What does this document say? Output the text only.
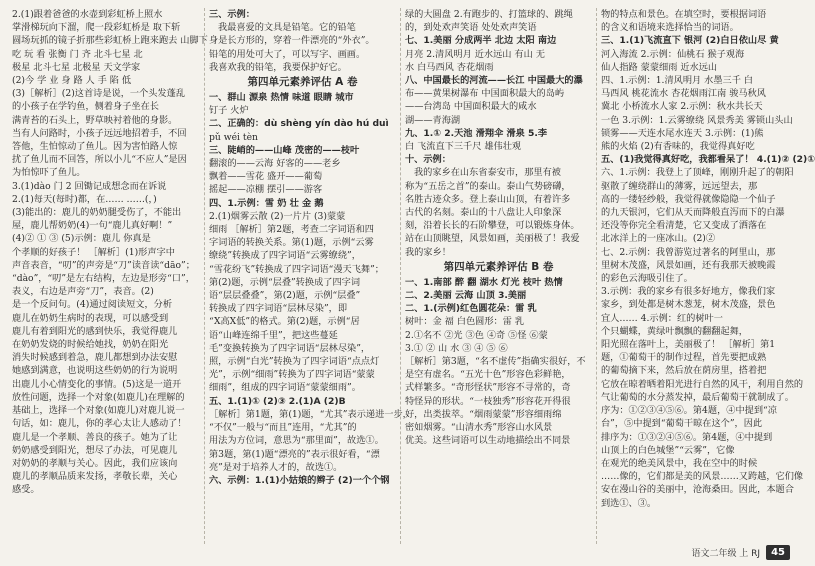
2.(1)跟着爸爸的水壶到彩虹桥上照水
掌滑梯玩向下溜，爬一段彩虹桥是 取下斩
圆场玩抓的镜子折那些彩虹桥上跑来跑去 山脚下
吃 玩 看 张衡 门 齐 北斗七星 北
极星 北斗七星 北极星 天文学家
(2)今 学 业 身 路 人 手 陷 低
(3)［解析］(2)这首诗是说，一个头发蓬乱
的小孩子在学钓鱼，侧着身子坐在长
满青苔的石头上，野草映衬着他的身影。
当有人问路时，小孩子远远地招着手，不回
答他，生怕惊动了鱼儿。因为害怕路人惊
扰了鱼儿而不回答，所以小儿“不应人”是因
为怕惊吓了鱼儿。
3.(1)dào 门 2 回锄记成想念而在诉说
2.(1)每天(每时)都，在…… ……(，)
(3)能出的：鹿儿的奶奶腿受伤了，不能出
屋，鹿儿帮奶奶(4)一句“鹿儿真好啊！”
(4)② ① ③ (5)示例：鹿儿 你真是
个孝顺的好孩子！ ［解析］(1)形声字中
声音表音，“叨”的声旁是“刀”读音读“dāo”；
“dào”，“叨”是左右结构，左边是形旁“口”，
表义，右边是声旁“刀”，表音。(2)
是一个反问句。(4)通过阅读短文，分析
鹿儿在奶奶生病时的表现，可以感受到
鹿儿有着到阳光的感到快乐，我觉得鹿儿
在奶奶发烧的时候给她找，奶奶在阳光
消失时候感到着急，鹿儿都想到办法安慰
她感到满意，也说明这些奶奶的行为说明
出鹿儿小心情变化的事情。(5)这是一道开
放性问题，选择一个对象(如鹿儿)在理解的
基础上，选择一个对象(如鹿儿)对鹿儿说一
句话，如：鹿儿，你的孝心太让人感动了！
鹿儿是一个孝顺、善良的孩子。她为了让
奶奶感受到阳光，想尽了办法，可见鹿儿
对奶奶的孝顺与关心。因此，我们应该向
鹿儿的孝顺品质来发扬，孝敬长辈，关心
感受。
三、示例：
我最喜爱的文具是铅笔。它的铅笔
身是长方形的，穿着一件漂亮的“外衣”。
铅笔的用处可大了，可以写字、画画。
我喜欢我的铅笔，我要保护好它。
第四单元素养评估 A 卷
一、群山 源泉 热情 味道 眼睛 城市
钉子 火炉
二、正确的：dù shèng yín dào hú duì
pǔ wéi tèn
三、陡峭的——山峰 茂密的——枝叶
翻滚的——云海 好客的——老乡
飘着——雪花 盛开——葡萄
摇起——凉棚 摆引——游客
四、1.示例：雪 奶 壮 金 鹅
2.(1)烟雾云散 (2)一片片 (3)蒙蒙
细雨 ［解析］第2题，考查二字词语和四
字词语的转换关系。第(1)题，示例“云雾
缭绕”转换成了四字词语“云雾缭绕”，
“雪花纷飞”转换成了四字词语“漫天飞舞”；
第(2)题，示例“层叠”转换成了四字词
语“层层叠叠”，第(2)题，示例“层叠”
转换成了四字词语“层林尽染”，即
“X高X低”的格式。第(2)题，示例“居
语“山峰连绵千里”，把这些蔓延
毛”变换转换为了四字词语“层林尽染”，
照，示例“白光”转换为了四字词语“点点灯
光”，示例“细雨”转换为了四字词语“蒙蒙
细雨”，组成的四字词语“蒙蒙细雨”。
五、1.(1)① (2)③ 2.(1)A (2)B
［解析］第1题，第(1)题，“尤其”表示递进一步，
“不仅”一般与“而且”连用，“尤其”的
用法为方位词，意思为“那里面”，故选①。
第3题，第(1)题“漂亮的”表示很好看，“漂
亮”是对于培养人才的，故选①。
六、示例：1.(1)小姑娘的辫子 (2)一个个钢
绿的大圆盘 2.有跑步的、打篮球的、跳绳
的，到处欢声笑语 处处欢声笑语
七、1.美丽 分成两半 北边 太阳 南边
月亮 2.清风明月 近水远山 有山 无
水 白马西风 杏花烟雨
八、中国最长的河流——长江 中国最大的瀑
布——黄果树瀑布 中国面积最大的岛屿
——台湾岛 中国面积最大的咸水
湖——青海湖
九、1.① 2.天池 滑翔伞 滑泉 5.李
白 飞流直下三千尺 雄伟壮观
十、示例：
我的家乡在山东省泰安市，那里有被
称为“五岳之首”的泰山。泰山气势磅礴，
名胜古迹众多。登上泰山山顶，有着许多
古代的名刻。泰山的十八盘让人印象深
刻，沿着长长的石阶攀登，可以锻炼身体。
站在山顶眺望，风景如画，美丽极了！我爱
我的家乡！
第四单元素养评估 B 卷
一、1.南部 醉 翻 湖水 灯光 枝叶 热情
二、2.美丽 云海 山顶 3.美丽
二、1.(示例)红色圆花朵：雷 乳
树叶：金 福 白色圆形：雷 乳
2.①名不 ②光 ③色 ④奇 ⑤怪 ⑥蒙
3.① ② 山 水 ③ ④ ⑤ ⑥
［解析］第3题，“名不虚传”指确实很好，不
是空有虚名。“五光十色”形容色彩鲜艳，
式样繁多。“奇形怪状”形容不寻常的，奇
特怪异的形状。“一枝独秀”形容花开得很
好，出类拔萃。“烟雨蒙蒙”形容细雨绵
密如烟雾。“山清水秀”形容山水风景
优美。这些词语可以生动地描绘出不同景
物的特点和景色。在填空时，要根据词语
的含义和语境来选择恰当的词语。
三、1.(1)飞流直下 银河 (2)白日依山尽 黄
河入海流 2.示例：仙桃石 猴子观海
仙人指路 蒙蒙细雨 近水远山
四、1.示例：1.清风明月 水墨三千 白
马西风 桃花流水 杏花烟雨江南 骏马秋风
冀北 小桥流水人家 2.示例：秋水共长天
一色 3.示例：1.云雾缭绕 风景秀美 雾锁山头山
锁雾——天连水尾水连天 3.示例：(1)熊
熊的火焰 (2)有香味的，我觉得真好吃
五、(1)我觉得真好吃，我都看呆了！ 4.(1)② (2)①
六、1.示例：我登上了顶峰，刚刚升起了的朝阳
驱散了缠绕群山的薄雾，远远望去，那
高的一缕轻纱般，我觉得就像隐隐一个仙子
的九天银河，它们从天而降般直泻而下的白瀑
还没等你完全看清楚，它又变成了洒落在
北冰洋上的一座冰山。(2)②
七、2.示例：我曾游览过著名的阿里山，那
里树木茂盛，风景如画，还有我那天被晚霞
的彩色云海吸引住了。
3.示例：我的家乡有很多好地方，像我们家
家乡，到处都是树木葱茏，树木茂盛，景色
宜人…… 4.示例：红的树叶一
个只蝴蝶，黄绿叶飘飘的翻翻起舞，
阳光照在落叶上，美丽极了！ ［解析］第1
题，①葡萄干的制作过程，首先要把成熟
的葡萄摘下来，然后放在荫房里，搭着把
它放在晾着晒着阳光进行自然的风干，利用自然的
气让葡萄的水分蒸发掉，最后葡萄干就制成了。
序为：①②③④⑤⑥。第4题，④中提到“凉
台”，⑤中提到“葡萄干晾在这个”，因此
排序为：①③②④⑤⑥。第4题，④中提到
山顶上的白色城堡”“云雾”，它像
在观光的绝美风景中，我在空中的时候
……像的，它们都是美的风景……又跨越，它们像
安在漫山谷的美丽中，沧海桑田。因此，本题合
到选①、③。
语文二年级 上 RJ	45
